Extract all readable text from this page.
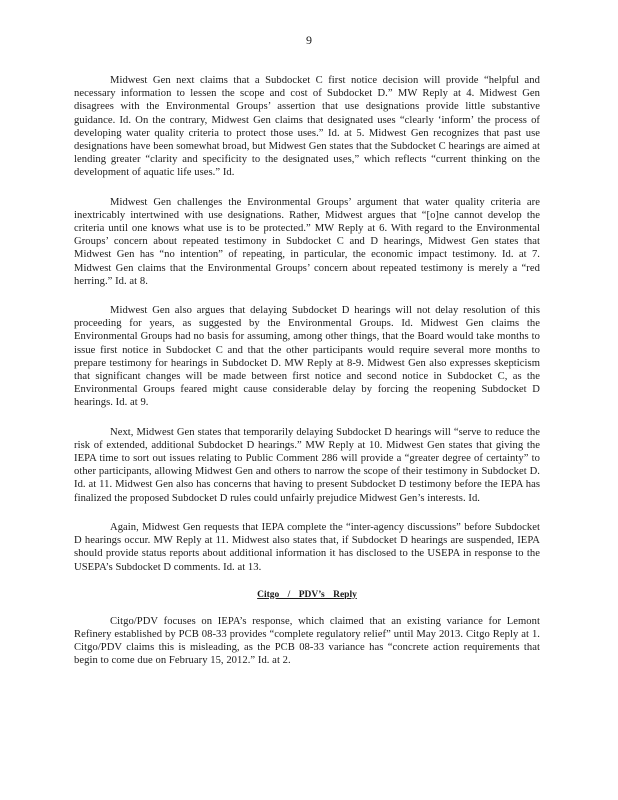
9

Midwest Gen next claims that a Subdocket C first notice decision will provide “helpful and necessary information to lessen the scope and cost of Subdocket D.” MW Reply at 4. Midwest Gen disagrees with the Environmental Groups’ assertion that use designations provide little substantive guidance. Id. On the contrary, Midwest Gen claims that designated uses “clearly ‘inform’ the process of developing water quality criteria to protect those uses.” Id. at 5. Midwest Gen recognizes that past use designations have been somewhat broad, but Midwest Gen states that the Subdocket C hearings are aimed at lending greater “clarity and specificity to the designated uses,” which reflects “current thinking on the development of aquatic life uses.” Id.

Midwest Gen challenges the Environmental Groups’ argument that water quality criteria are inextricably intertwined with use designations. Rather, Midwest argues that “[o]ne cannot develop the criteria until one knows what use is to be protected.” MW Reply at 6. With regard to the Environmental Groups’ concern about repeated testimony in Subdocket C and D hearings, Midwest Gen states that Midwest Gen has “no intention” of repeating, in particular, the economic impact testimony. Id. at 7. Midwest Gen claims that the Environmental Groups’ concern about repeated testimony is merely a “red herring.” Id. at 8.

Midwest Gen also argues that delaying Subdocket D hearings will not delay resolution of this proceeding for years, as suggested by the Environmental Groups. Id. Midwest Gen claims the Environmental Groups had no basis for assuming, among other things, that the Board would take months to issue first notice in Subdocket C and that the other participants would require several more months to prepare testimony for hearings in Subdocket D. MW Reply at 8-9. Midwest Gen also expresses skepticism that significant changes will be made between first notice and second notice in Subdocket C, as the Environmental Groups feared might cause considerable delay by forcing the reopening Subdocket D hearings. Id. at 9.

Next, Midwest Gen states that temporarily delaying Subdocket D hearings will “serve to reduce the risk of extended, additional Subdocket D hearings.” MW Reply at 10. Midwest Gen states that giving the IEPA time to sort out issues relating to Public Comment 286 will provide a “greater degree of certainty” to other participants, allowing Midwest Gen and others to narrow the scope of their testimony in Subdocket D. Id. at 11. Midwest Gen also has concerns that having to present Subdocket D testimony before the IEPA has finalized the proposed Subdocket D rules could unfairly prejudice Midwest Gen’s interests. Id.

Again, Midwest Gen requests that IEPA complete the “inter-agency discussions” before Subdocket D hearings occur. MW Reply at 11. Midwest also states that, if Subdocket D hearings are suspended, IEPA should provide status reports about additional information it has disclosed to the USEPA in response to the USEPA’s Subdocket D comments. Id. at 13.

Citgo / PDV’s Reply

Citgo/PDV focuses on IEPA’s response, which claimed that an existing variance for Lemont Refinery established by PCB 08-33 provides “complete regulatory relief” until May 2013. Citgo Reply at 1. Citgo/PDV claims this is misleading, as the PCB 08-33 variance has “concrete action requirements that begin to come due on February 15, 2012.” Id. at 2.
